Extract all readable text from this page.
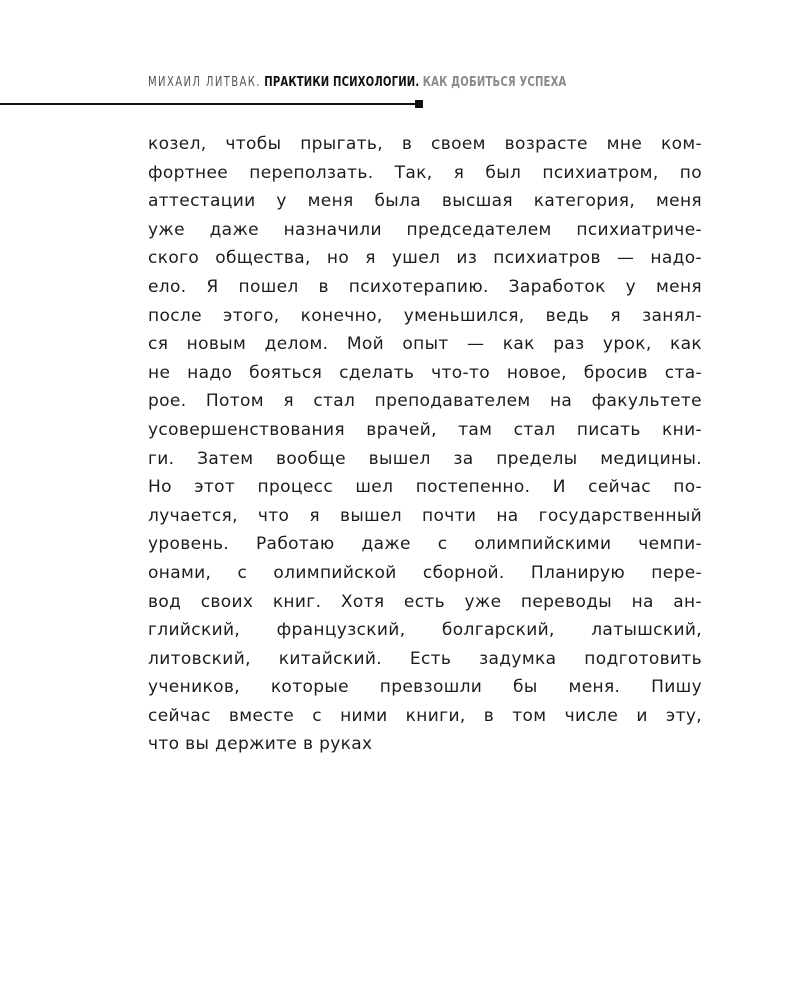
МИХАИЛ ЛИТВАК. ПРАКТИКИ ПСИХОЛОГИИ. КАК ДОБИТЬСЯ УСПЕХА
козел, чтобы прыгать, в своем возрасте мне ком-
фортнее переползать. Так, я был психиатром, по
аттестации у меня была высшая категория, меня
уже даже назначили председателем психиатриче-
ского общества, но я ушел из психиатров — надо-
ело. Я пошел в психотерапию. Заработок у меня
после этого, конечно, уменьшился, ведь я занял-
ся новым делом. Мой опыт — как раз урок, как
не надо бояться сделать что-то новое, бросив ста-
рое. Потом я стал преподавателем на факультете
усовершенствования врачей, там стал писать кни-
ги. Затем вообще вышел за пределы медицины.
Но этот процесс шел постепенно. И сейчас по-
лучается, что я вышел почти на государственный
уровень. Работаю даже с олимпийскими чемпи-
онами, с олимпийской сборной. Планирую пере-
вод своих книг. Хотя есть уже переводы на ан-
глийский, французский, болгарский, латышский,
литовский, китайский. Есть задумка подготовить
учеников, которые превзошли бы меня. Пишу
сейчас вместе с ними книги, в том числе и эту,
что вы держите в руках
